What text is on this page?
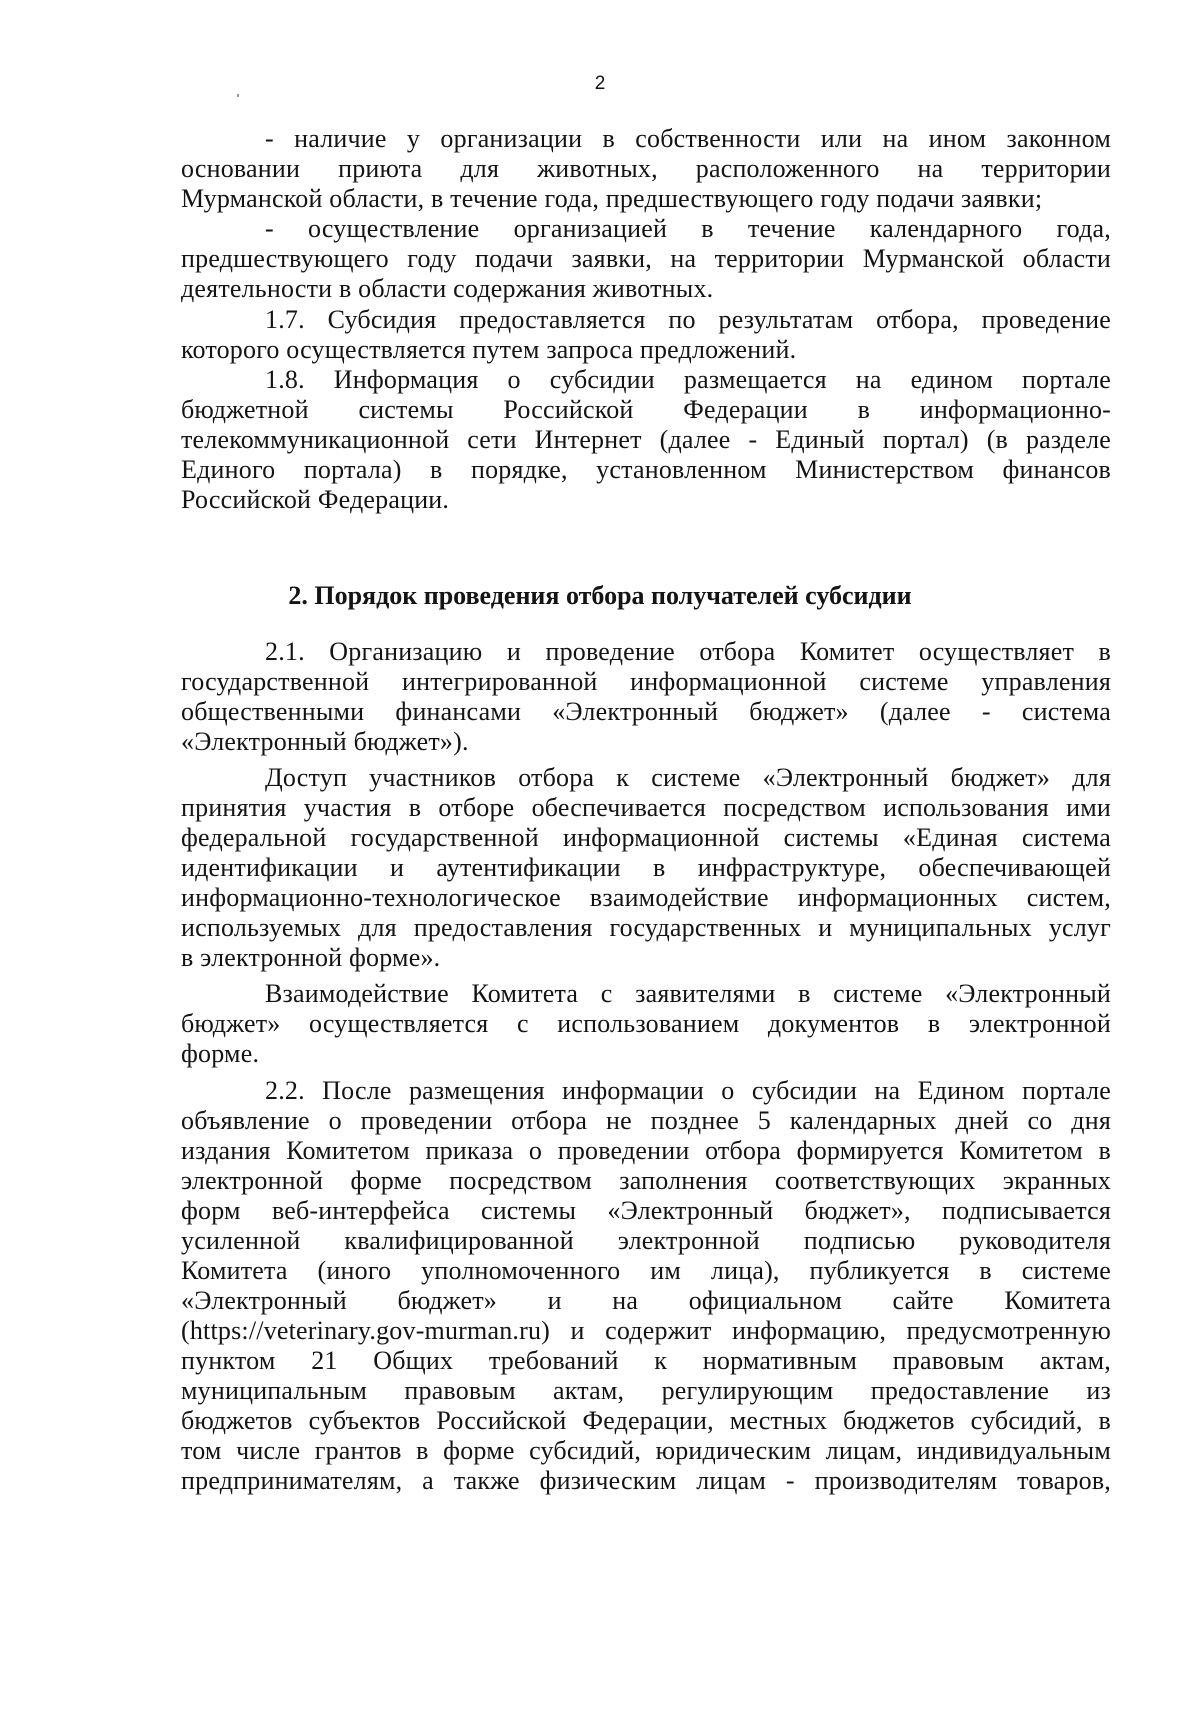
2
- наличие у организации в собственности или на ином законном
основании приюта для животных, расположенного на территории
Мурманской области, в течение года, предшествующего году подачи заявки;
- осуществление организацией в течение календарного года,
предшествующего году подачи заявки, на территории Мурманской области
деятельности в области содержания животных.
1.7. Субсидия предоставляется по результатам отбора, проведение
которого осуществляется путем запроса предложений.
1.8. Информация о субсидии размещается на едином портале
бюджетной системы Российской Федерации в информационно-
телекоммуникационной сети Интернет (далее - Единый портал) (в разделе
Единого портала) в порядке, установленном Министерством финансов
Российской Федерации.
2. Порядок проведения отбора получателей субсидии
2.1. Организацию и проведение отбора Комитет осуществляет в
государственной интегрированной информационной системе управления
общественными финансами «Электронный бюджет» (далее - система
«Электронный бюджет»).
Доступ участников отбора к системе «Электронный бюджет» для
принятия участия в отборе обеспечивается посредством использования ими
федеральной государственной информационной системы «Единая система
идентификации и аутентификации в инфраструктуре, обеспечивающей
информационно-технологическое взаимодействие информационных систем,
используемых для предоставления государственных и муниципальных услуг
в электронной форме».
Взаимодействие Комитета с заявителями в системе «Электронный
бюджет» осуществляется с использованием документов в электронной
форме.
2.2. После размещения информации о субсидии на Едином портале
объявление о проведении отбора не позднее 5 календарных дней со дня
издания Комитетом приказа о проведении отбора формируется Комитетом в
электронной форме посредством заполнения соответствующих экранных
форм веб-интерфейса системы «Электронный бюджет», подписывается
усиленной квалифицированной электронной подписью руководителя
Комитета (иного уполномоченного им лица), публикуется в системе
«Электронный бюджет» и на официальном сайте Комитета
(https://veterinary.gov-murman.ru) и содержит информацию, предусмотренную
пунктом 21 Общих требований к нормативным правовым актам,
муниципальным правовым актам, регулирующим предоставление из
бюджетов субъектов Российской Федерации, местных бюджетов субсидий, в
том числе грантов в форме субсидий, юридическим лицам, индивидуальным
предпринимателям, а также физическим лицам - производителям товаров,
